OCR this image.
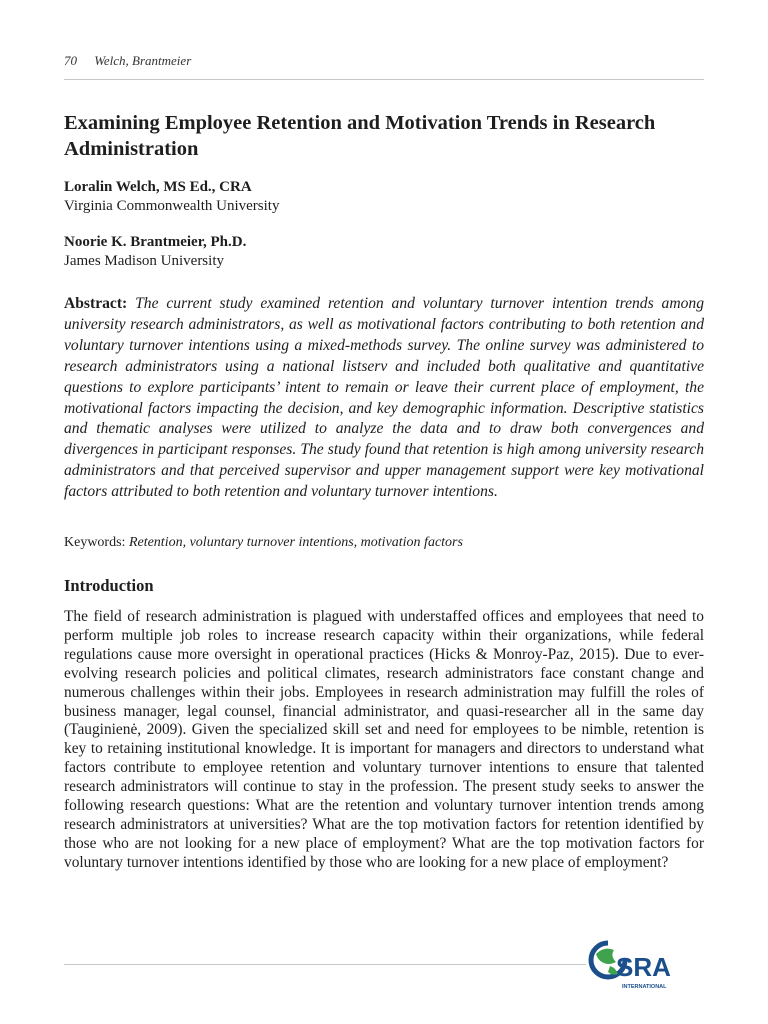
70 Welch, Brantmeier
Examining Employee Retention and Motivation Trends in Research Administration
Loralin Welch, MS Ed., CRA
Virginia Commonwealth University
Noorie K. Brantmeier, Ph.D.
James Madison University

Abstract: The current study examined retention and voluntary turnover intention trends among university research administrators, as well as motivational factors contributing to both retention and voluntary turnover intentions using a mixed-methods survey. The online survey was administered to research administrators using a national listserv and included both qualitative and quantitative questions to explore participants’ intent to remain or leave their current place of employment, the motivational factors impacting the decision, and key demographic information. Descriptive statistics and thematic analyses were utilized to analyze the data and to draw both convergences and divergences in participant responses. The study found that retention is high among university research administrators and that perceived supervisor and upper management support were key motivational factors attributed to both retention and voluntary turnover intentions.

Keywords: Retention, voluntary turnover intentions, motivation factors
Introduction

The field of research administration is plagued with understaffed offices and employees that need to perform multiple job roles to increase research capacity within their organizations, while federal regulations cause more oversight in operational practices (Hicks & Monroy-Paz, 2015). Due to ever-evolving research policies and political climates, research administrators face constant change and numerous challenges within their jobs. Employees in research administration may fulfill the roles of business manager, legal counsel, financial administrator, and quasi-researcher all in the same day (Tauginienė, 2009). Given the specialized skill set and need for employees to be nimble, retention is key to retaining institutional knowledge. It is important for managers and directors to understand what factors contribute to employee retention and voluntary turnover intentions to ensure that talented research administrators will continue to stay in the profession. The present study seeks to answer the following research questions: What are the retention and voluntary turnover intention trends among research administrators at universities? What are the top motivation factors for retention identified by those who are not looking for a new place of employment? What are the top motivation factors for voluntary turnover intentions identified by those who are looking for a new place of employment?

SRA
INTERNATIONAL
